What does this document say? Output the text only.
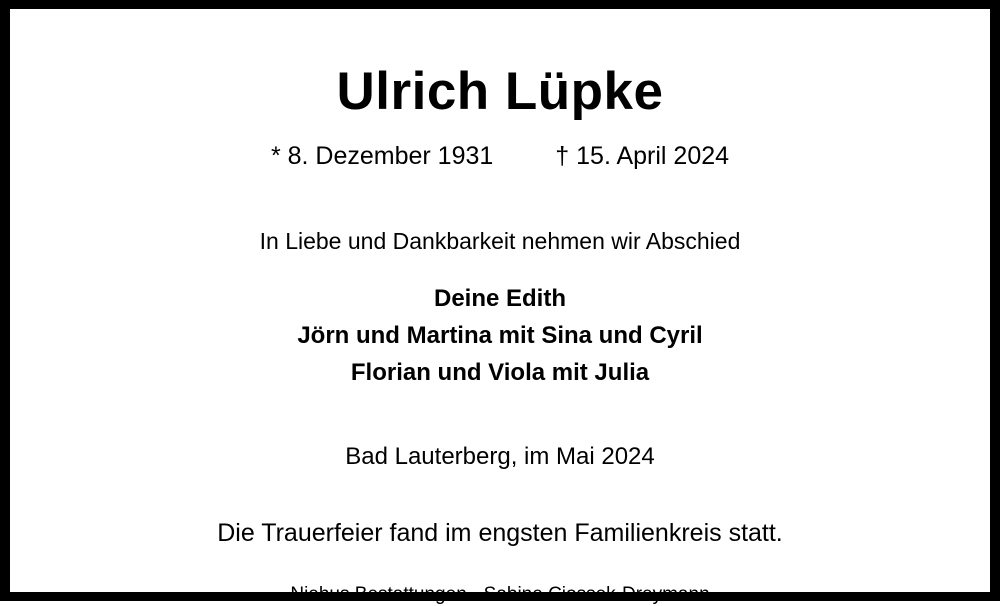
Ulrich Lüpke
* 8. Dezember 1931 † 15. April 2024
In Liebe und Dankbarkeit nehmen wir Abschied
Deine Edith
Jörn und Martina mit Sina und Cyril
Florian und Viola mit Julia
Bad Lauterberg, im Mai 2024
Die Trauerfeier fand im engsten Familienkreis statt.
Niehus Bestattungen - Sabine Ciossek-Dreymann
